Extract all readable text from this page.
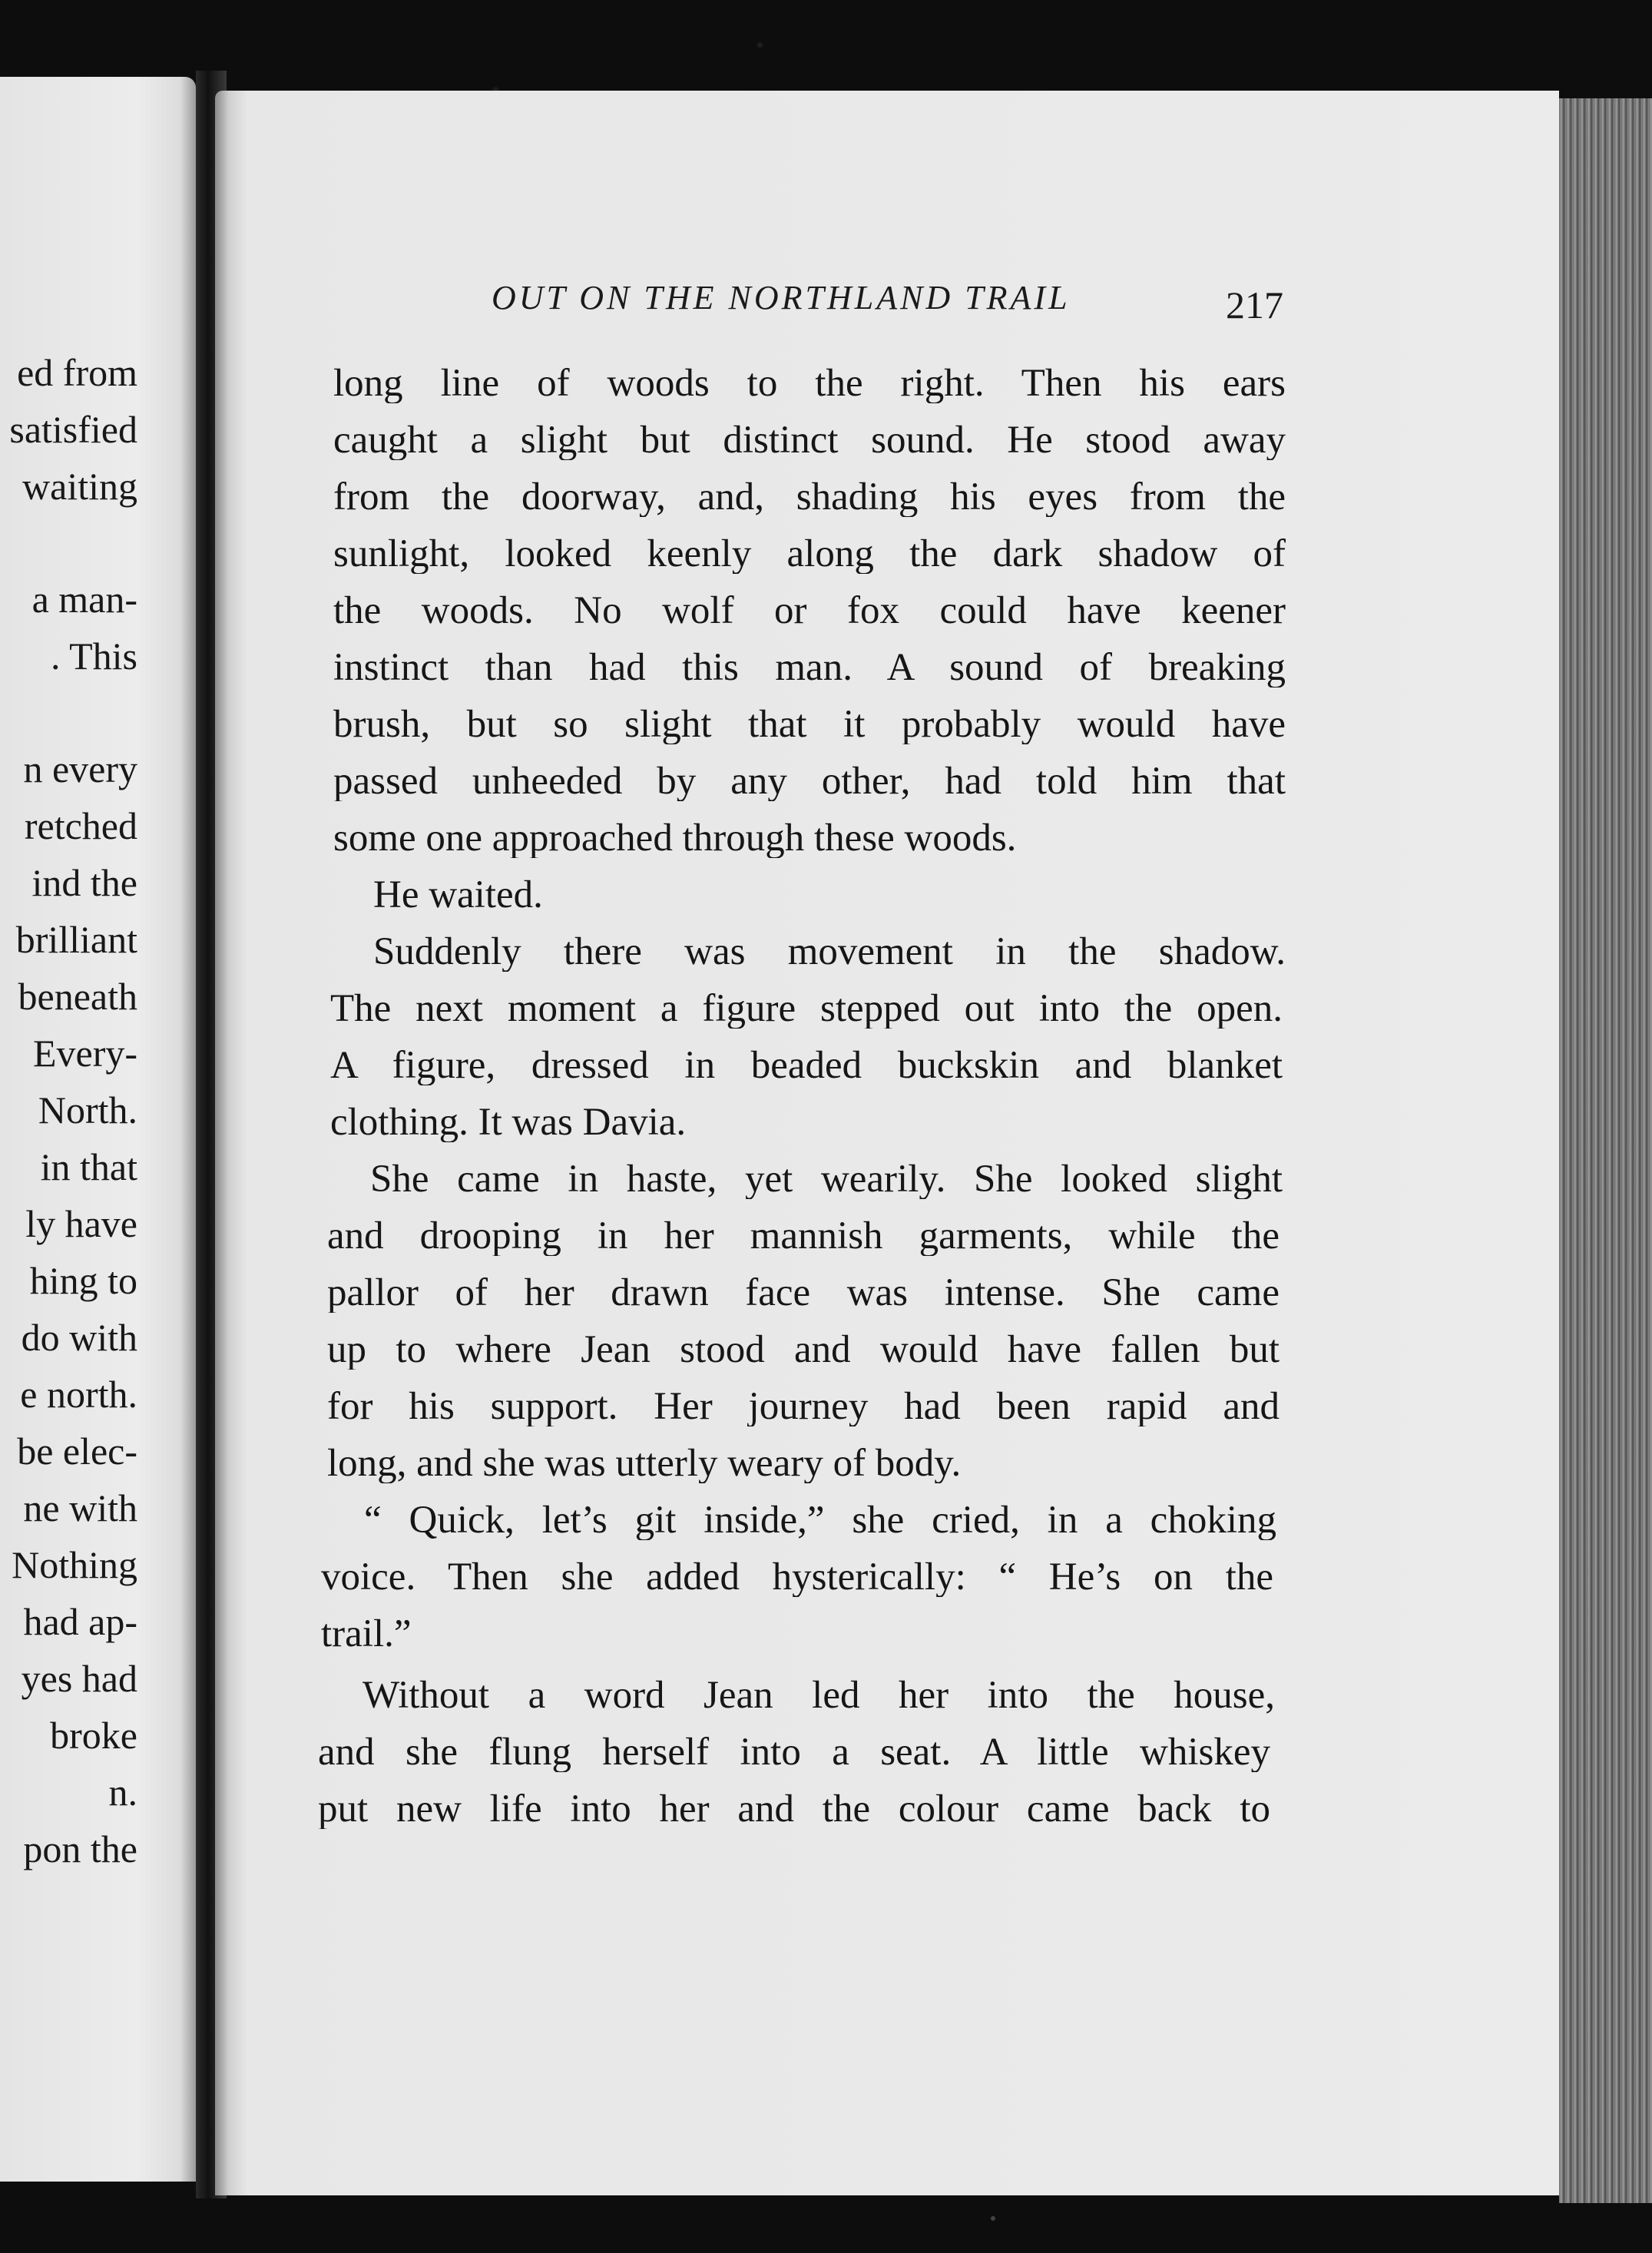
ed from
satisfied
waiting
a man-
. This
n every
retched
ind the
brilliant
beneath
Every-
North.
in that
ly have
hing to
do with
e north.
be elec-
ne with
Nothing
had ap-
yes had
broke
n.
pon the
OUT ON THE NORTHLAND TRAIL	217
long line of woods to the right. Then his ears
caught a slight but distinct sound. He stood away
from the doorway, and, shading his eyes from the
sunlight, looked keenly along the dark shadow of
the woods. No wolf or fox could have keener
instinct than had this man. A sound of breaking
brush, but so slight that it probably would have
passed unheeded by any other, had told him that
some one approached through these woods.
He waited.
Suddenly there was movement in the shadow.
The next moment a figure stepped out into the open.
A figure, dressed in beaded buckskin and blanket
clothing. It was Davia.
She came in haste, yet wearily. She looked slight
and drooping in her mannish garments, while the
pallor of her drawn face was intense. She came
up to where Jean stood and would have fallen but
for his support. Her journey had been rapid and
long, and she was utterly weary of body.
“ Quick, let’s git inside,” she cried, in a choking
voice. Then she added hysterically: “ He’s on the
trail.”
Without a word Jean led her into the house,
and she flung herself into a seat. A little whiskey
put new life into her and the colour came back to
